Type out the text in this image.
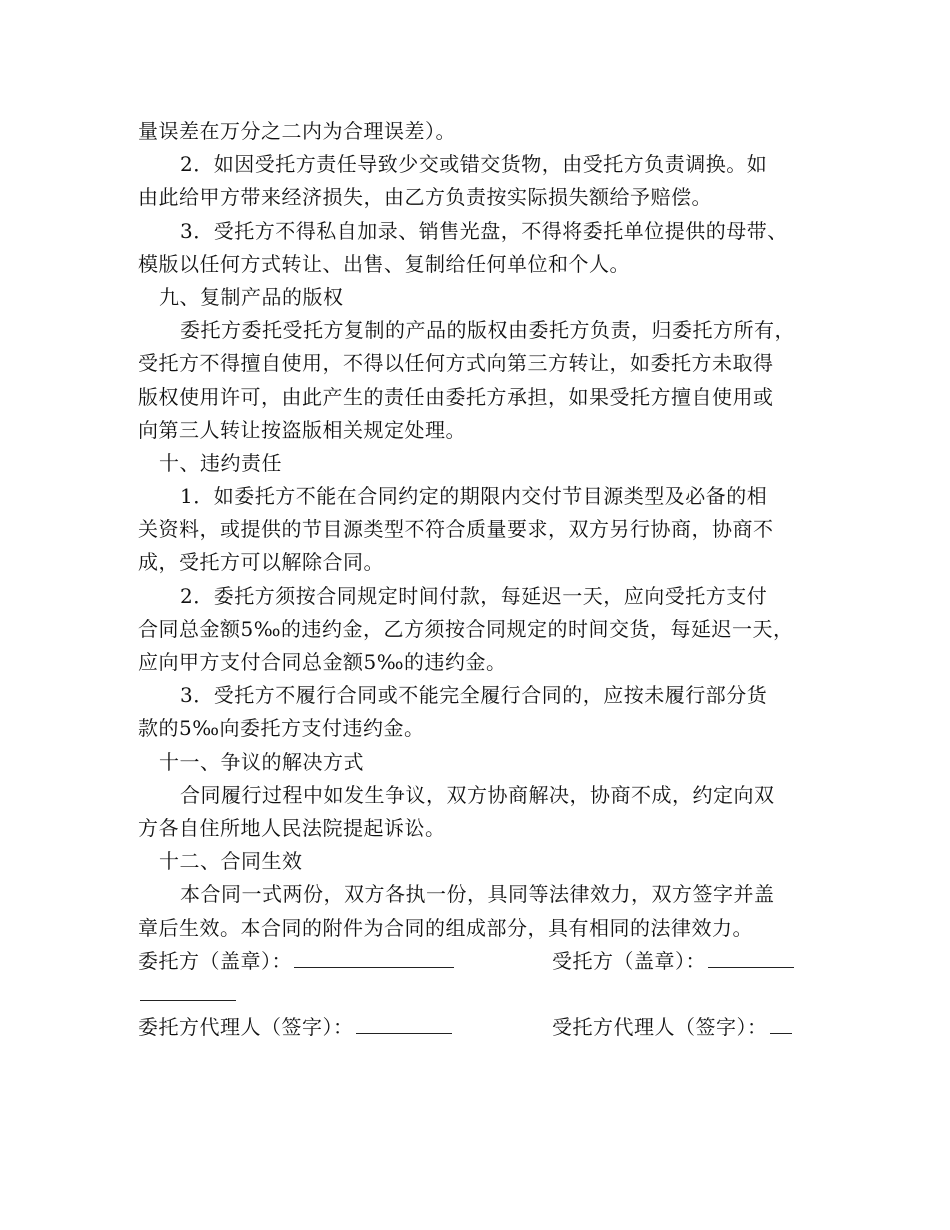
量误差在万分之二内为合理误差）。
2．如因受托方责任导致少交或错交货物，由受托方负责调换。如
由此给甲方带来经济损失，由乙方负责按实际损失额给予赔偿。
3．受托方不得私自加录、销售光盘，不得将委托单位提供的母带、
模版以任何方式转让、出售、复制给任何单位和个人。
九、复制产品的版权
委托方委托受托方复制的产品的版权由委托方负责，归委托方所有，
受托方不得擅自使用，不得以任何方式向第三方转让，如委托方未取得
版权使用许可，由此产生的责任由委托方承担，如果受托方擅自使用或
向第三人转让按盗版相关规定处理。
十、违约责任
1．如委托方不能在合同约定的期限内交付节目源类型及必备的相
关资料，或提供的节目源类型不符合质量要求，双方另行协商，协商不
成，受托方可以解除合同。
2．委托方须按合同规定时间付款，每延迟一天，应向受托方支付
合同总金额5‰的违约金，乙方须按合同规定的时间交货，每延迟一天，
应向甲方支付合同总金额5‰的违约金。
3．受托方不履行合同或不能完全履行合同的，应按未履行部分货
款的5‰向委托方支付违约金。
十一、争议的解决方式
合同履行过程中如发生争议，双方协商解决，协商不成，约定向双
方各自住所地人民法院提起诉讼。
十二、合同生效
本合同一式两份，双方各执一份，具同等法律效力，双方签字并盖
章后生效。本合同的附件为合同的组成部分，具有相同的法律效力。
委托方（盖章）：	受托方（盖章）：
委托方代理人（签字）：	受托方代理人（签字）：
